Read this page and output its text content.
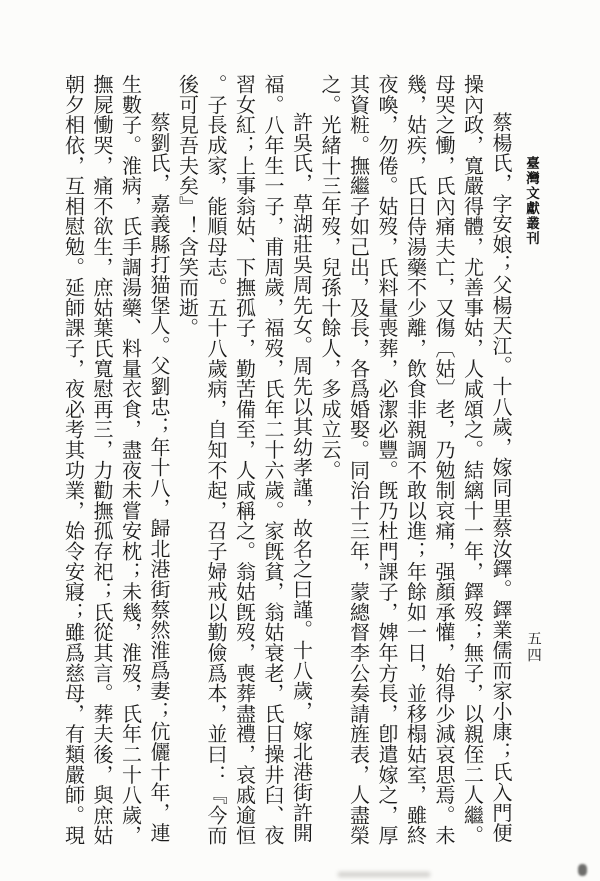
臺灣文獻叢刊
五四

蔡楊氏，字安娘；父楊天江。十八歲，嫁同里蔡汝鐸。鐸業儒而家小康；氏入門便操內政，寬嚴得體，尤善事姑，人咸頌之。結縭十一年，鐸歿；無子，以親侄二人繼。母哭之慟，氏內痛夫亡，又傷〔姑〕老，乃勉制哀痛，强顏承懽，始得少減哀思焉。未幾，姑疾，氏日侍湯藥不少離，飲食非親調不敢以進；年餘如一日，並移榻姑室，雖終夜喚，勿倦。姑歿，氏料量喪葬，必潔必豐。旣乃杜門課子，婢年方長，卽遣嫁之，厚其資粧。撫繼子如己出，及長，各爲婚娶。同治十三年，蒙總督李公奏請旌表，人盡榮之。光緒十三年歿，兒孫十餘人，多成立云。

許吳氏，草湖莊吳周先女。周先以其幼孝謹，故名之曰謹。十八歲，嫁北港街許開福。八年生一子，甫周歲，福歿，氏年二十六歲。家旣貧，翁姑衰老，氏日操井臼、夜習女紅；上事翁姑、下撫孤子，勤苦備至，人咸稱之。翁姑旣歿，喪葬盡禮，哀戚逾恒。子長成家，能順母志。五十八歲病，自知不起，召子婦戒以勤儉爲本，並曰：『今而後可見吾夫矣』！含笑而逝。

蔡劉氏，嘉義縣打猫堡人。父劉忠；年十八，歸北港街蔡然淮爲妻；伉儷十年，連生數子。淮病，氏手調湯藥、料量衣食，盡夜未嘗安枕；未幾，淮歿，氏年二十八歲，撫屍慟哭，痛不欲生，庶姑葉氏寬慰再三，力勸撫孤存祀；氏從其言。葬夫後，與庶姑朝夕相依，互相慰勉。延師課子，夜必考其功業，始令安寢；雖爲慈母，有類嚴師。現
